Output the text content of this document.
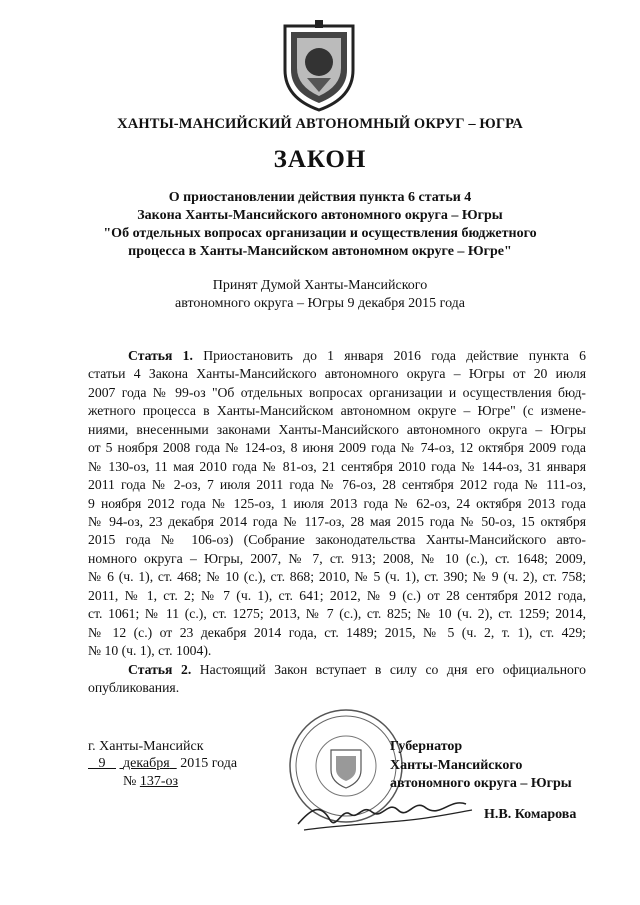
ХАНТЫ-МАНСИЙСКИЙ АВТОНОМНЫЙ ОКРУГ – ЮГРА
ЗАКОН
О приостановлении действия пункта 6 статьи 4
Закона Ханты-Мансийского автономного округа – Югры
"Об отдельных вопросах организации и осуществления бюджетного
процесса в Ханты-Мансийском автономном округе – Югре"
Принят Думой Ханты-Мансийского
автономного округа – Югры 9 декабря 2015 года
Статья 1. Приостановить до 1 января 2016 года действие пункта 6
статьи 4 Закона Ханты-Мансийского автономного округа – Югры от 20 июля
2007 года № 99-оз "Об отдельных вопросах организации и осуществления бюд-
жетного процесса в Ханты-Мансийском автономном округе – Югре" (с измене-
ниями, внесенными законами Ханты-Мансийского автономного округа – Югры
от 5 ноября 2008 года № 124-оз, 8 июня 2009 года № 74-оз, 12 октября 2009 года
№ 130-оз, 11 мая 2010 года № 81-оз, 21 сентября 2010 года № 144-оз, 31 января
2011 года № 2-оз, 7 июля 2011 года № 76-оз, 28 сентября 2012 года № 111-оз,
9 ноября 2012 года № 125-оз, 1 июля 2013 года № 62-оз, 24 октября 2013 года
№ 94-оз, 23 декабря 2014 года № 117-оз, 28 мая 2015 года № 50-оз, 15 октября
2015 года № 106-оз) (Собрание законодательства Ханты-Мансийского авто-
номного округа – Югры, 2007, № 7, ст. 913; 2008, № 10 (с.), ст. 1648; 2009,
№ 6 (ч. 1), ст. 468; № 10 (с.), ст. 868; 2010, № 5 (ч. 1), ст. 390; № 9 (ч. 2), ст. 758;
2011, № 1, ст. 2; № 7 (ч. 1), ст. 641; 2012, № 9 (с.) от 28 сентября 2012 года,
ст. 1061; № 11 (с.), ст. 1275; 2013, № 7 (с.), ст. 825; № 10 (ч. 2), ст. 1259; 2014,
№ 12 (с.) от 23 декабря 2014 года, ст. 1489; 2015, № 5 (ч. 2, т. 1), ст. 429;
№ 10 (ч. 1), ст. 1004).
Статья 2. Настоящий Закон вступает в силу со дня его официального
опубликования.
г. Ханты-Мансийск
9 декабря 2015 года
№ 137-оз
Губернатор
Ханты-Мансийского
автономного округа – Югры
Н.В. Комарова
